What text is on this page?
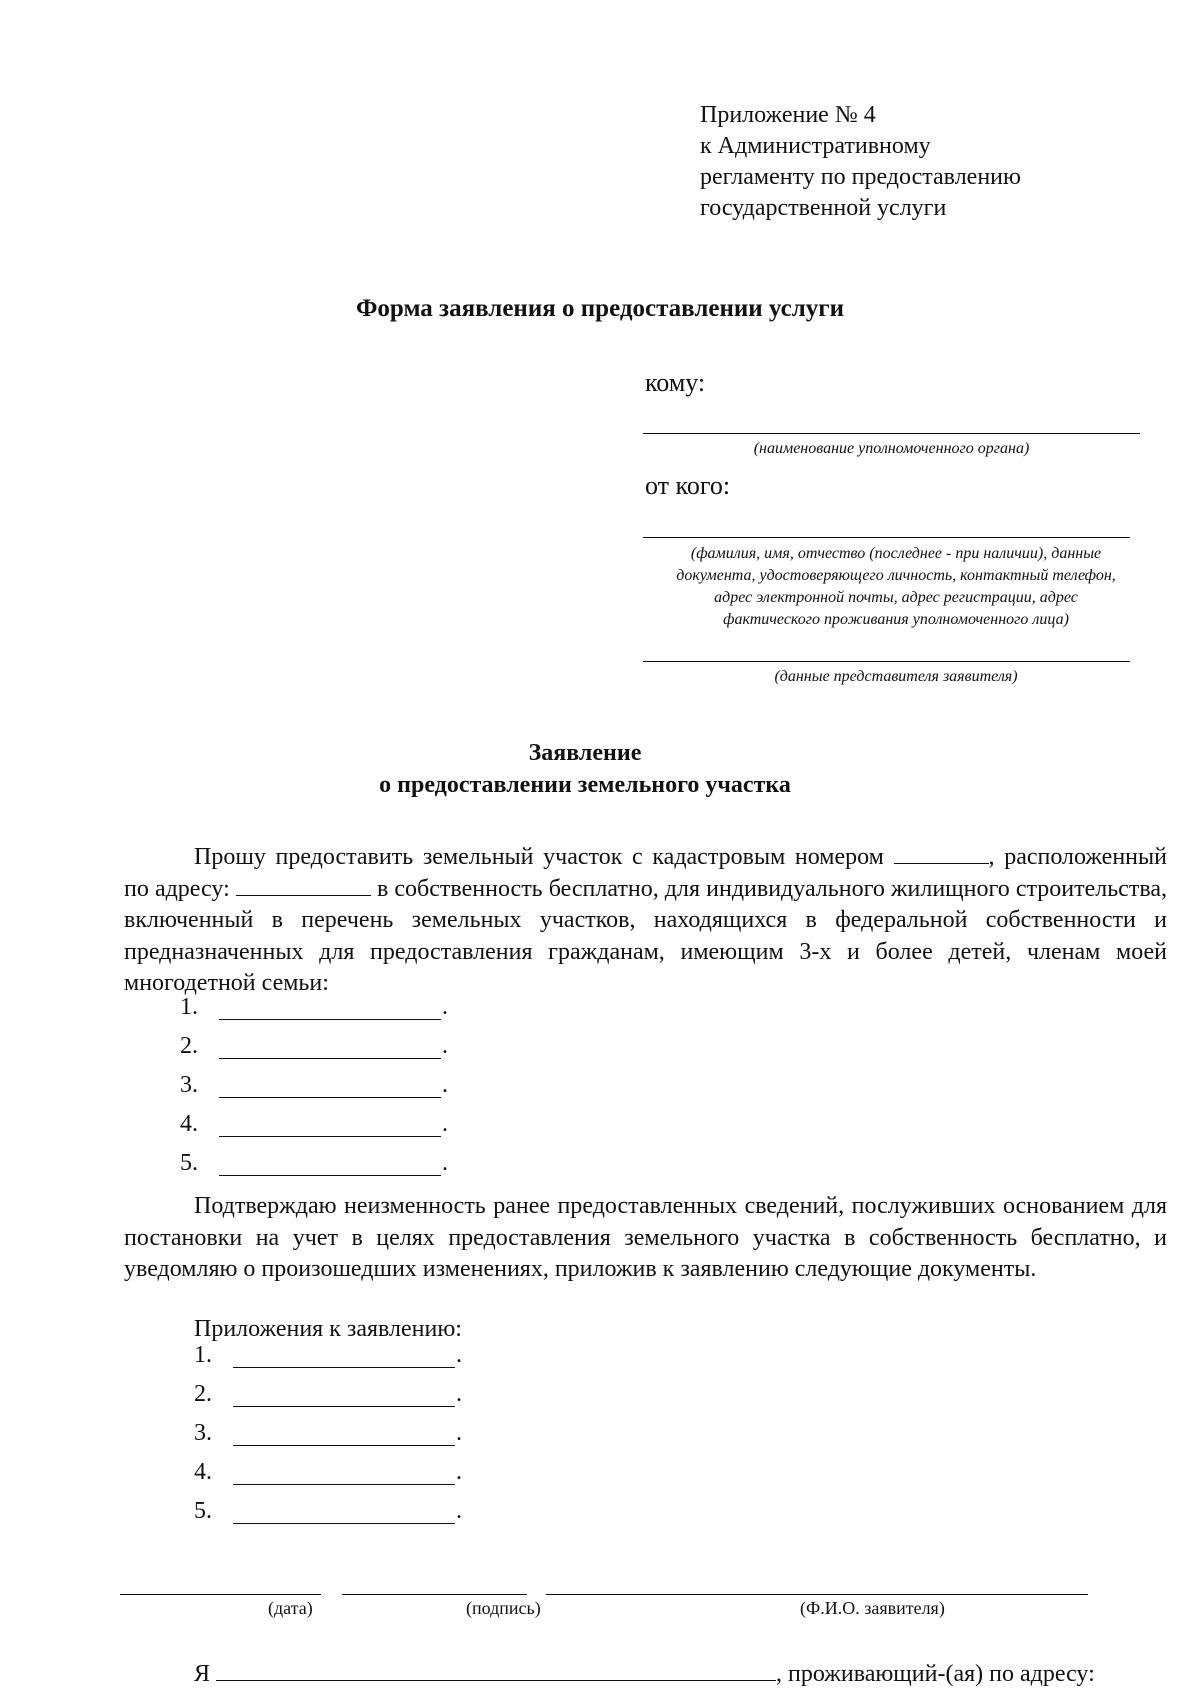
Приложение № 4
к Административному
регламенту по предоставлению
государственной услуги
Форма заявления о предоставлении услуги
кому:
(наименование уполномоченного органа)
от кого:
(фамилия, имя, отчество (последнее - при наличии), данные
документа, удостоверяющего личность, контактный телефон,
адрес электронной почты, адрес регистрации, адрес
фактического проживания уполномоченного лица)
(данные представителя заявителя)
Заявление
о предоставлении земельного участка
Прошу предоставить земельный участок с кадастровым номером	, расположенный по адресу:	в собственность бесплатно, для индивидуального жилищного строительства, включенный в перечень земельных участков, находящихся в федеральной собственности и предназначенных для предоставления гражданам, имеющим 3-х и более детей, членам моей многодетной семьи:
1.	.
2.	.
3.	.
4.	.
5.	.
Подтверждаю неизменность ранее предоставленных сведений, послуживших основанием для постановки на учет в целях предоставления земельного участка в собственность бесплатно, и уведомляю о произошедших изменениях, приложив к заявлению следующие документы.
Приложения к заявлению:
1.	.
2.	.
3.	.
4.	.
5.	.
(дата)	(подпись)	(Ф.И.О. заявителя)
Я	, проживающий-(ая) по адресу:
